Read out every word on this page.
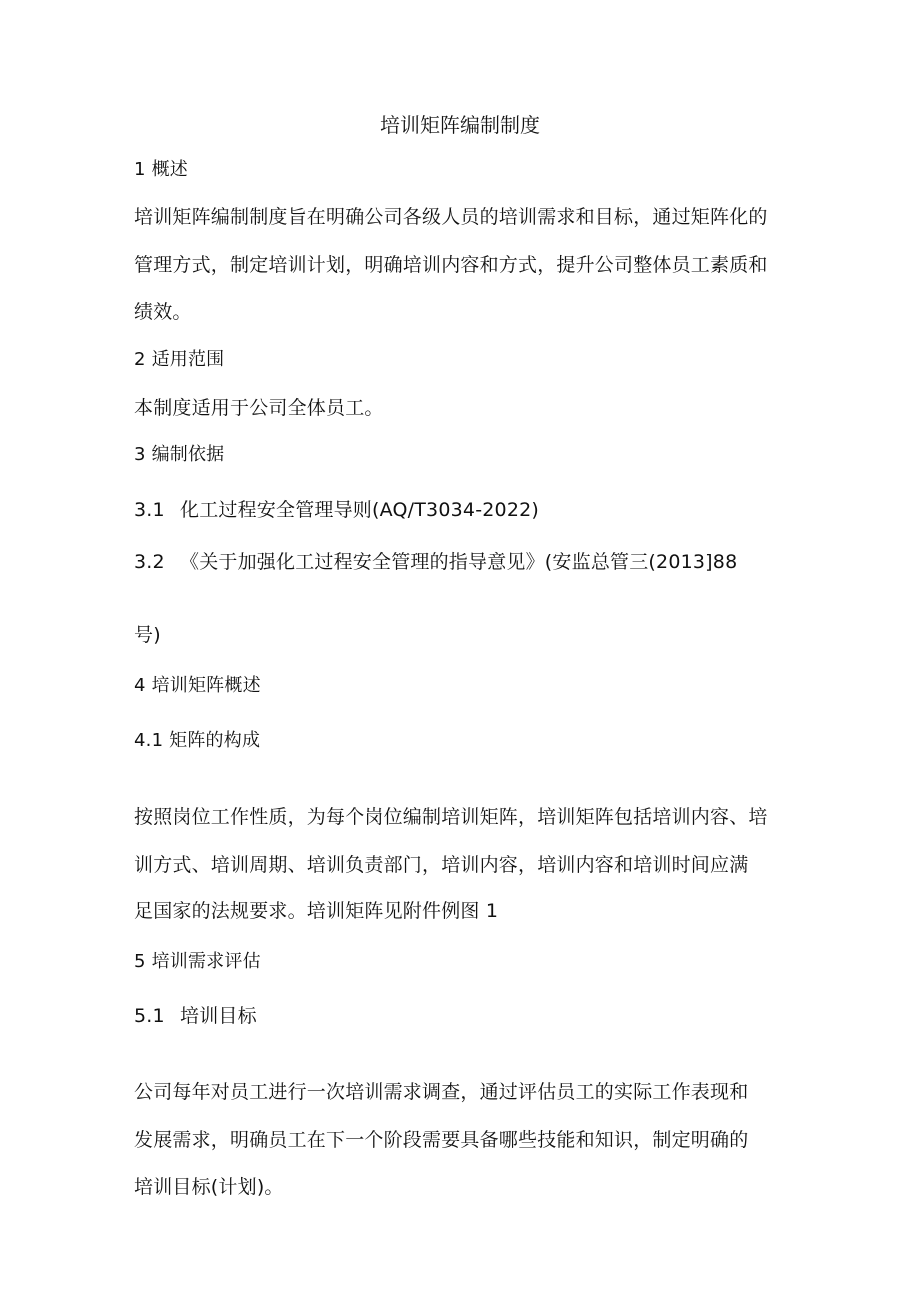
培训矩阵编制制度
1 概述
培训矩阵编制制度旨在明确公司各级人员的培训需求和目标，通过矩阵化的
管理方式，制定培训计划，明确培训内容和方式，提升公司整体员工素质和
绩效。
2 适用范围
本制度适用于公司全体员工。
3 编制依据
3.1 化工过程安全管理导则(AQ/T3034-2022)
3.2 《关于加强化工过程安全管理的指导意见》(安监总管三(2013]88
号)
4 培训矩阵概述
4.1 矩阵的构成
按照岗位工作性质，为每个岗位编制培训矩阵，培训矩阵包括培训内容、培
训方式、培训周期、培训负责部门，培训内容，培训内容和培训时间应满
足国家的法规要求。培训矩阵见附件例图 1
5 培训需求评估
5.1 培训目标
公司每年对员工进行一次培训需求调查，通过评估员工的实际工作表现和
发展需求，明确员工在下一个阶段需要具备哪些技能和知识，制定明确的
培训目标(计划)。
